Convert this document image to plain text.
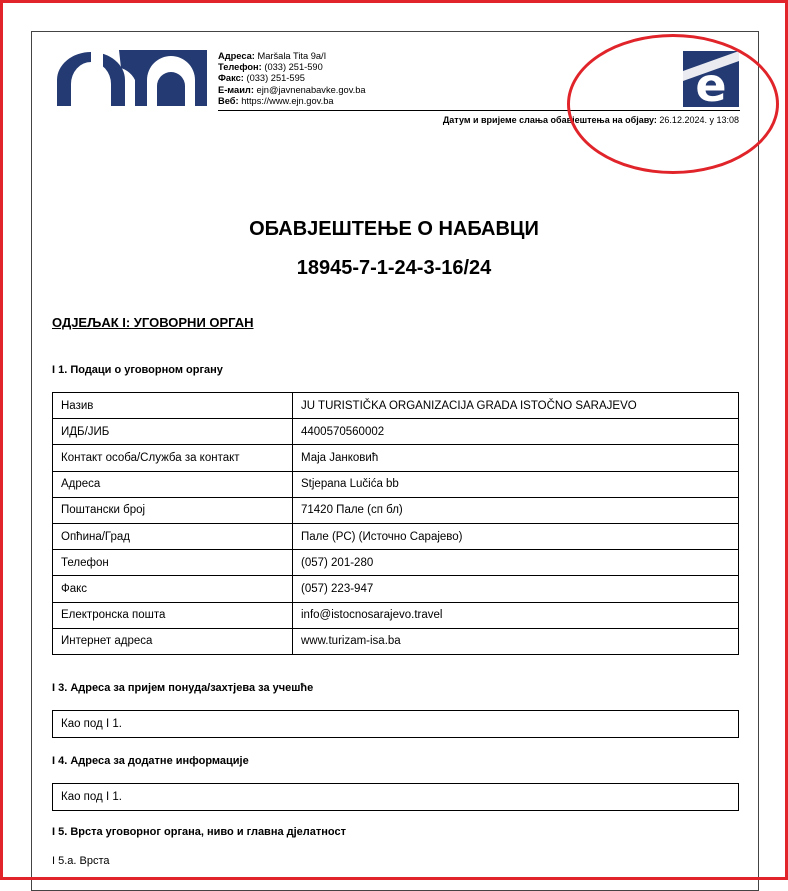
Адреса: Maršala Tita 9a/I
Телефон: (033) 251-590
Факс: (033) 251-595
Е-маил: ejn@javnenabavke.gov.ba
Веб: https://www.ejn.gov.ba	e
Датум и вријеме слања обавјештења на објаву: 26.12.2024. у 13:08
ОБАВЈЕШТЕЊЕ О НАБАВЦИ
18945-7-1-24-3-16/24
ОДЈЕЉАК I: УГОВОРНИ ОРГАН
I 1. Подаци о уговорном органу
Назив	JU TURISTIČKA ORGANIZACIJA GRADA ISTOČNO SARAJEVO
ИДБ/ЈИБ	4400570560002
Контакт особа/Служба за контакт	Маја Јанковић
Адреса	Stjepana Lučića bb
Поштански број	71420 Пале (сп бл)
Опћина/Град	Пале (РС) (Источно Сарајево)
Телефон	(057) 201-280
Факс	(057) 223-947
Електронска пошта	info@istocnosarajevo.travel
Интернет адреса	www.turizam-isa.ba
I 3. Адреса за пријем понуда/захтјева за учешће
Као под I 1.
I 4. Адреса за додатне информације
Као под I 1.
I 5. Врста уговорног органа, ниво и главна дјелатност
I 5.а. Врста
